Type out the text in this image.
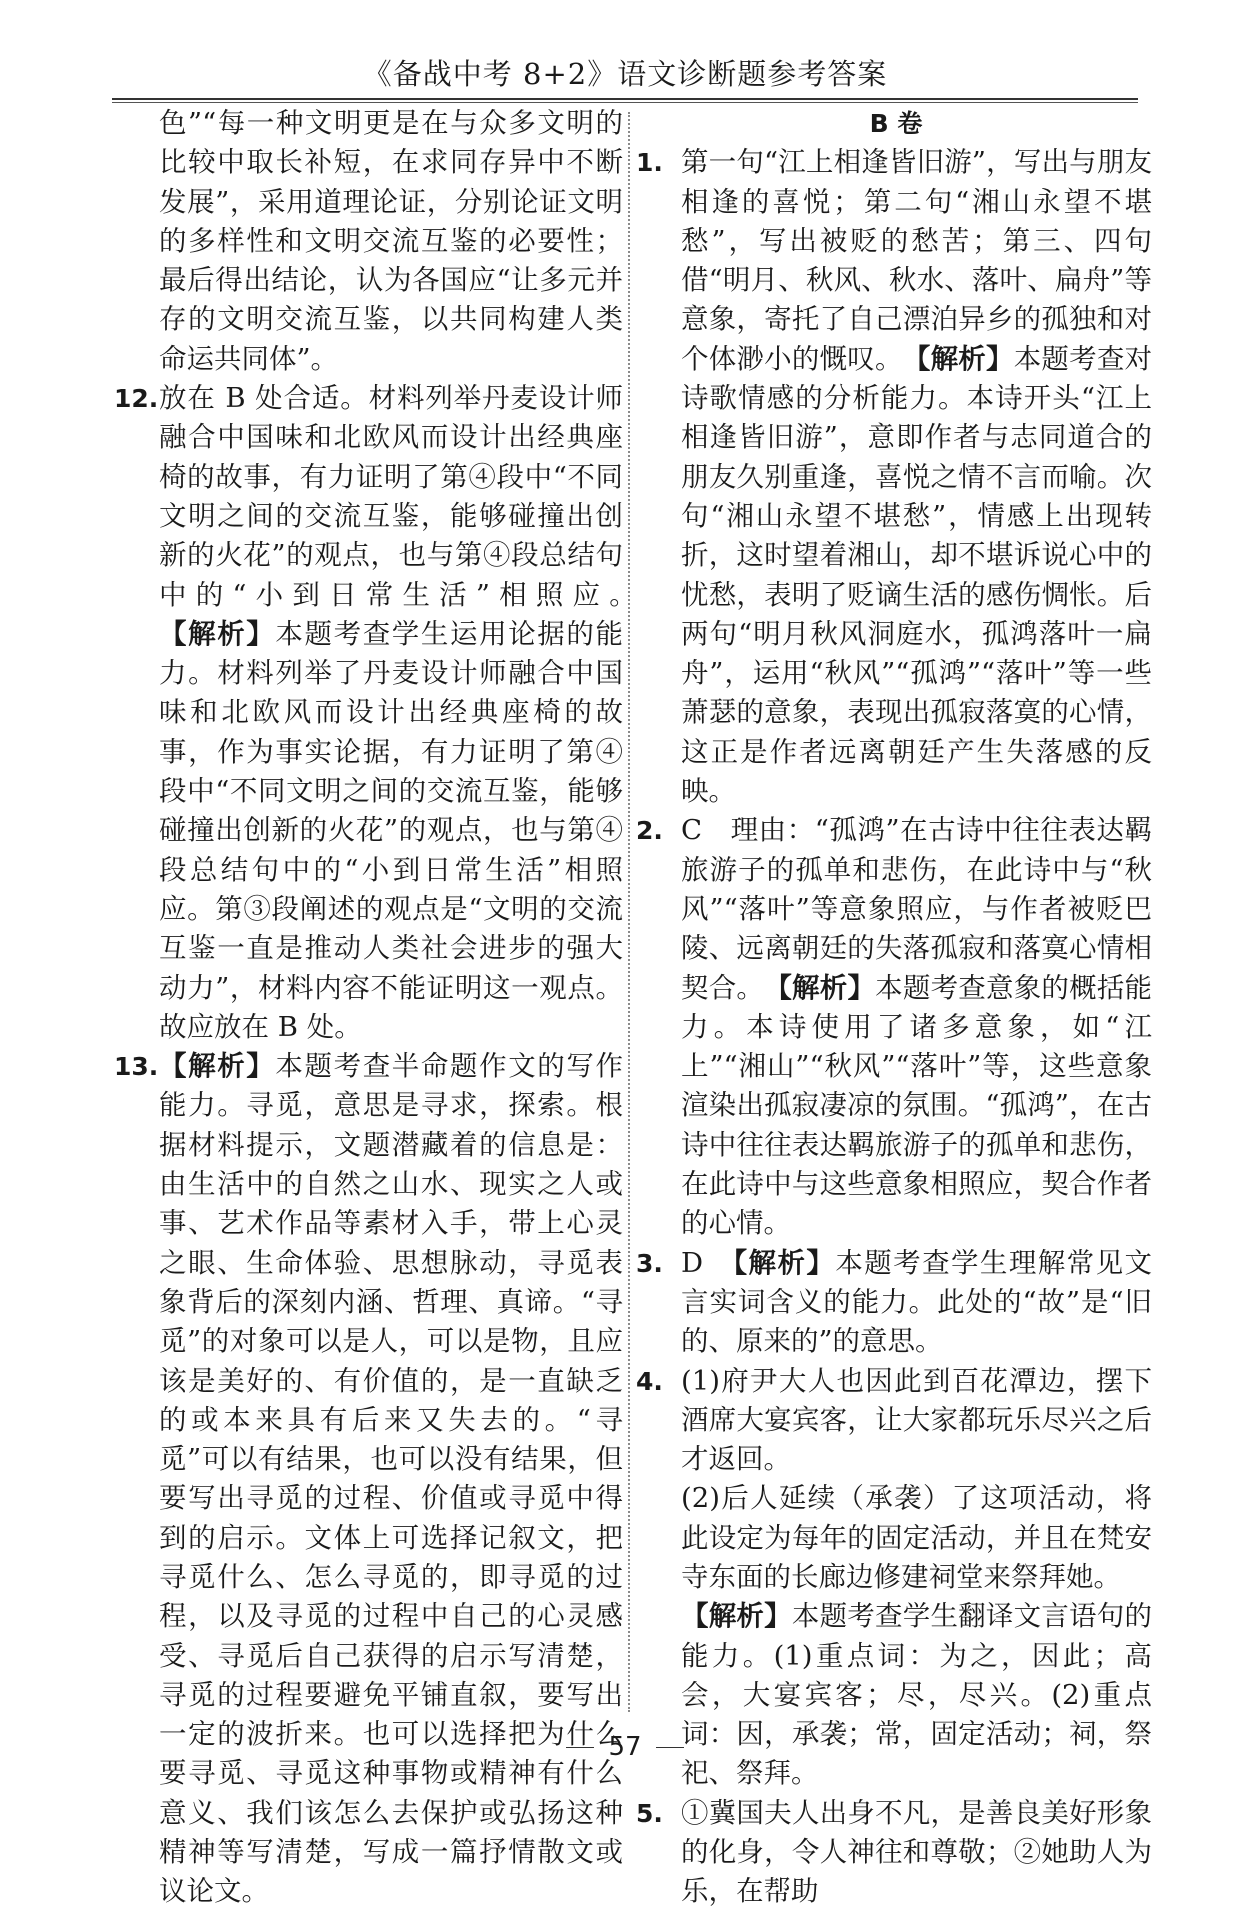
《备战中考 8+2》语文诊断题参考答案

色”“每一种文明更是在与众多文明的比较中取长补短，在求同存异中不断发展”，采用道理论证，分别论证文明的多样性和文明交流互鉴的必要性；最后得出结论，认为各国应“让多元并存的文明交流互鉴，以共同构建人类命运共同体”。

12. 放在 B 处合适。材料列举丹麦设计师融合中国味和北欧风而设计出经典座椅的故事，有力证明了第④段中“不同文明之间的交流互鉴，能够碰撞出创新的火花”的观点，也与第④段总结句中的“小到日常生活”相照应。　【解析】本题考查学生运用论据的能力。材料列举了丹麦设计师融合中国味和北欧风而设计出经典座椅的故事，作为事实论据，有力证明了第④段中“不同文明之间的交流互鉴，能够碰撞出创新的火花”的观点，也与第④段总结句中的“小到日常生活”相照应。第③段阐述的观点是“文明的交流互鉴一直是推动人类社会进步的强大动力”，材料内容不能证明这一观点。故应放在 B 处。
13. 【解析】本题考查半命题作文的写作能力。寻觅，意思是寻求，探索。根据材料提示，文题潜藏着的信息是：由生活中的自然之山水、现实之人或事、艺术作品等素材入手，带上心灵之眼、生命体验、思想脉动，寻觅表象背后的深刻内涵、哲理、真谛。“寻觅”的对象可以是人，可以是物，且应该是美好的、有价值的，是一直缺乏的或本来具有后来又失去的。“寻觅”可以有结果，也可以没有结果，但要写出寻觅的过程、价值或寻觅中得到的启示。文体上可选择记叙文，把寻觅什么、怎么寻觅的，即寻觅的过程，以及寻觅的过程中自己的心灵感受、寻觅后自己获得的启示写清楚，寻觅的过程要避免平铺直叙，要写出一定的波折来。也可以选择把为什么要寻觅、寻觅这种事物或精神有什么意义、我们该怎么去保护或弘扬这种精神等写清楚，写成一篇抒情散文或议论文。

B 卷

1. 第一句“江上相逢皆旧游”，写出与朋友相逢的喜悦；第二句“湘山永望不堪愁”，写出被贬的愁苦；第三、四句借“明月、秋风、秋水、落叶、扁舟”等意象，寄托了自己漂泊异乡的孤独和对个体渺小的慨叹。　 【解析】本题考查对诗歌情感的分析能力。本诗开头“江上相逢皆旧游”，意即作者与志同道合的朋友久别重逢，喜悦之情不言而喻。次句“湘山永望不堪愁”，情感上出现转折，这时望着湘山，却不堪诉说心中的忧愁，表明了贬谪生活的感伤惆怅。后两句“明月秋风洞庭水，孤鸿落叶一扁舟”，运用“秋风”“孤鸿”“落叶”等一些萧瑟的意象，表现出孤寂落寞的心情，这正是作者远离朝廷产生失落感的反映。
2. C　理由：“孤鸿”在古诗中往往表达羁旅游子的孤单和悲伤，在此诗中与“秋风”“落叶”等意象照应，与作者被贬巴陵、远离朝廷的失落孤寂和落寞心情相契合。　 【解析】本题考查意象的概括能力。本诗使用了诸多意象，如“江上”“湘山”“秋风”“落叶”等，这些意象渲染出孤寂凄凉的氛围。“孤鸿”，在古诗中往往表达羁旅游子的孤单和悲伤，在此诗中与这些意象相照应，契合作者的心情。
3. D　【解析】本题考查学生理解常见文言实词含义的能力。此处的“故”是“旧的、原来的”的意思。
4. (1)府尹大人也因此到百花潭边，摆下酒席大宴宾客，让大家都玩乐尽兴之后才返回。

(2)后人延续（承袭）了这项活动，将此设定为每年的固定活动，并且在梵安寺东面的长廊边修建祠堂来祭拜她。

【解析】本题考查学生翻译文言语句的能力。(1)重点词：为之，因此；高会，大宴宾客；尽，尽兴。(2)重点词：因，承袭；常，固定活动；祠，祭祀、祭拜。

5. ①冀国夫人出身不凡，是善良美好形象的化身，令人神往和尊敬；②她助人为乐，在帮助
57
